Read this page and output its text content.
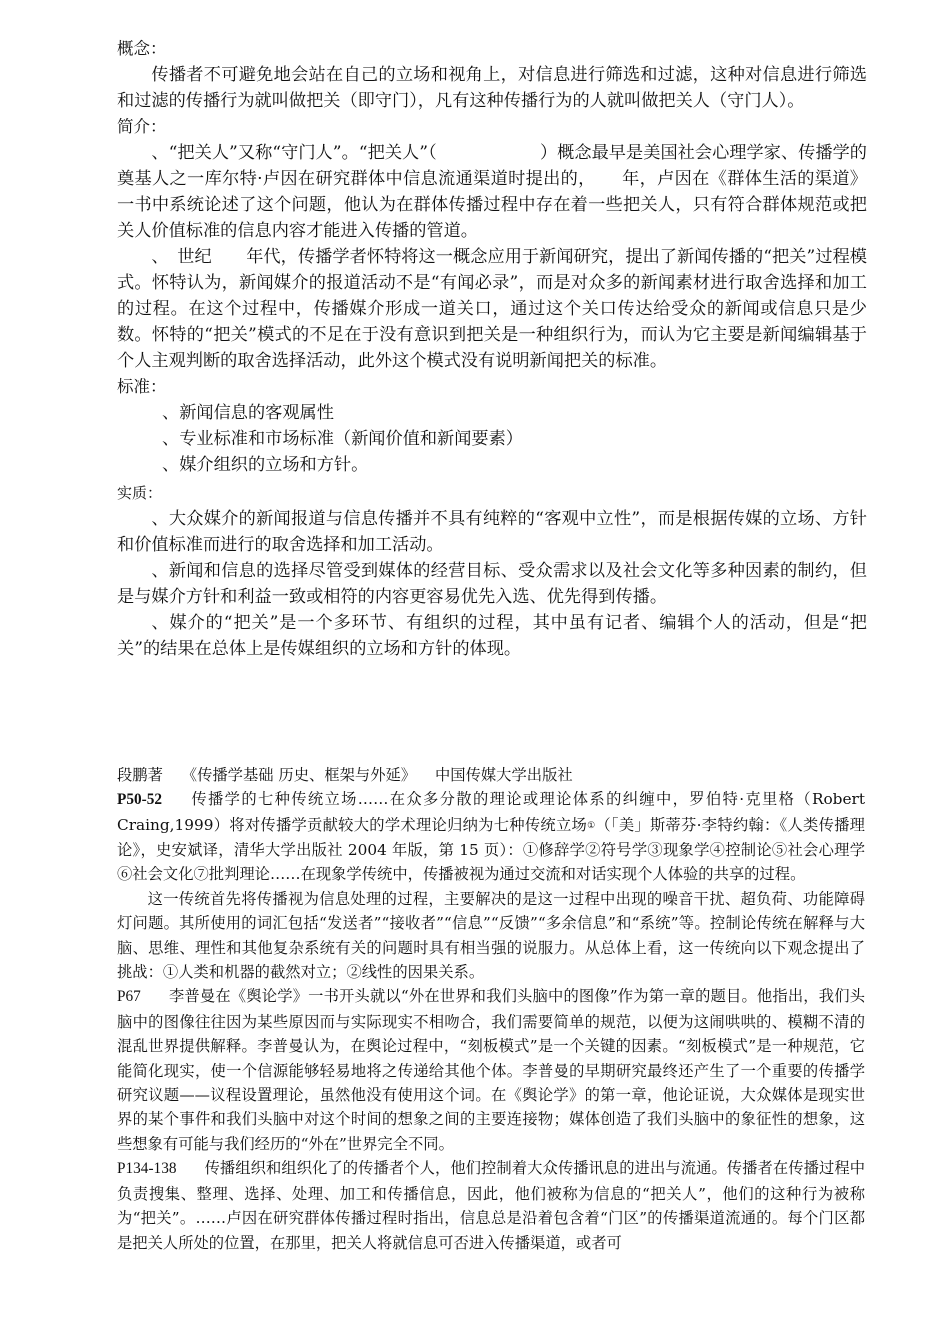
概念：

传播者不可避免地会站在自己的立场和视角上，对信息进行筛选和过滤，这种对信息进行筛选和过滤的传播行为就叫做把关（即守门），凡有这种传播行为的人就叫做把关人（守门人）。

简介：

、“把关人”又称“守门人”。“把关人”（　　　　　　）概念最早是美国社会心理学家、传播学的奠基人之一库尔特·卢因在研究群体中信息流通渠道时提出的，　　年，卢因在《群体生活的渠道》一书中系统论述了这个问题，他认为在群体传播过程中存在着一些把关人，只有符合群体规范或把关人价值标准的信息内容才能进入传播的管道。

、　世纪　　年代，传播学者怀特将这一概念应用于新闻研究，提出了新闻传播的“把关”过程模式。怀特认为，新闻媒介的报道活动不是“有闻必录”，而是对众多的新闻素材进行取舍选择和加工的过程。在这个过程中，传播媒介形成一道关口，通过这个关口传达给受众的新闻或信息只是少数。怀特的“把关”模式的不足在于没有意识到把关是一种组织行为，而认为它主要是新闻编辑基于个人主观判断的取舍选择活动，此外这个模式没有说明新闻把关的标准。

标准：

、新闻信息的客观属性

、专业标准和市场标准（新闻价值和新闻要素）

、媒介组织的立场和方针。

实质：

、大众媒介的新闻报道与信息传播并不具有纯粹的“客观中立性”，而是根据传媒的立场、方针和价值标准而进行的取舍选择和加工活动。

、新闻和信息的选择尽管受到媒体的经营目标、受众需求以及社会文化等多种因素的制约，但是与媒介方针和利益一致或相符的内容更容易优先入选、优先得到传播。

、媒介的“把关”是一个多环节、有组织的过程，其中虽有记者、编辑个人的活动，但是“把关”的结果在总体上是传媒组织的立场和方针的体现。

段鹏著 《传播学基础 历史、框架与外延》 中国传媒大学出版社

P50-52 传播学的七种传统立场……在众多分散的理论或理论体系的纠缠中，罗伯特·克里格（Robert Craing,1999）将对传播学贡献较大的学术理论归纳为七种传统立场①（「美」斯蒂芬·李特约翰：《人类传播理论》，史安斌译，清华大学出版社 2004 年版，第 15 页）：①修辞学②符号学③现象学④控制论⑤社会心理学⑥社会文化⑦批判理论……在现象学传统中，传播被视为通过交流和对话实现个人体验的共享的过程。

这一传统首先将传播视为信息处理的过程，主要解决的是这一过程中出现的噪音干扰、超负荷、功能障碍灯问题。其所使用的词汇包括“发送者”“接收者”“信息”“反馈”“多余信息”和“系统”等。控制论传统在解释与大脑、思维、理性和其他复杂系统有关的问题时具有相当强的说服力。从总体上看，这一传统向以下观念提出了挑战：①人类和机器的截然对立；②线性的因果关系。

P67 李普曼在《舆论学》一书开头就以“外在世界和我们头脑中的图像”作为第一章的题目。他指出，我们头脑中的图像往往因为某些原因而与实际现实不相吻合，我们需要简单的规范，以便为这闹哄哄的、模糊不清的混乱世界提供解释。李普曼认为，在舆论过程中，“刻板模式”是一个关键的因素。“刻板模式”是一种规范，它能简化现实，使一个信源能够轻易地将之传递给其他个体。李普曼的早期研究最终还产生了一个重要的传播学研究议题——议程设置理论，虽然他没有使用这个词。在《舆论学》的第一章，他论证说，大众媒体是现实世界的某个事件和我们头脑中对这个时间的想象之间的主要连接物；媒体创造了我们头脑中的象征性的想象，这些想象有可能与我们经历的“外在”世界完全不同。

P134-138 传播组织和组织化了的传播者个人，他们控制着大众传播讯息的进出与流通。传播者在传播过程中负责搜集、整理、选择、处理、加工和传播信息，因此，他们被称为信息的“把关人”，他们的这种行为被称为“把关”。……卢因在研究群体传播过程时指出，信息总是沿着包含着“门区”的传播渠道流通的。每个门区都是把关人所处的位置，在那里，把关人将就信息可否进入传播渠道，或者可
